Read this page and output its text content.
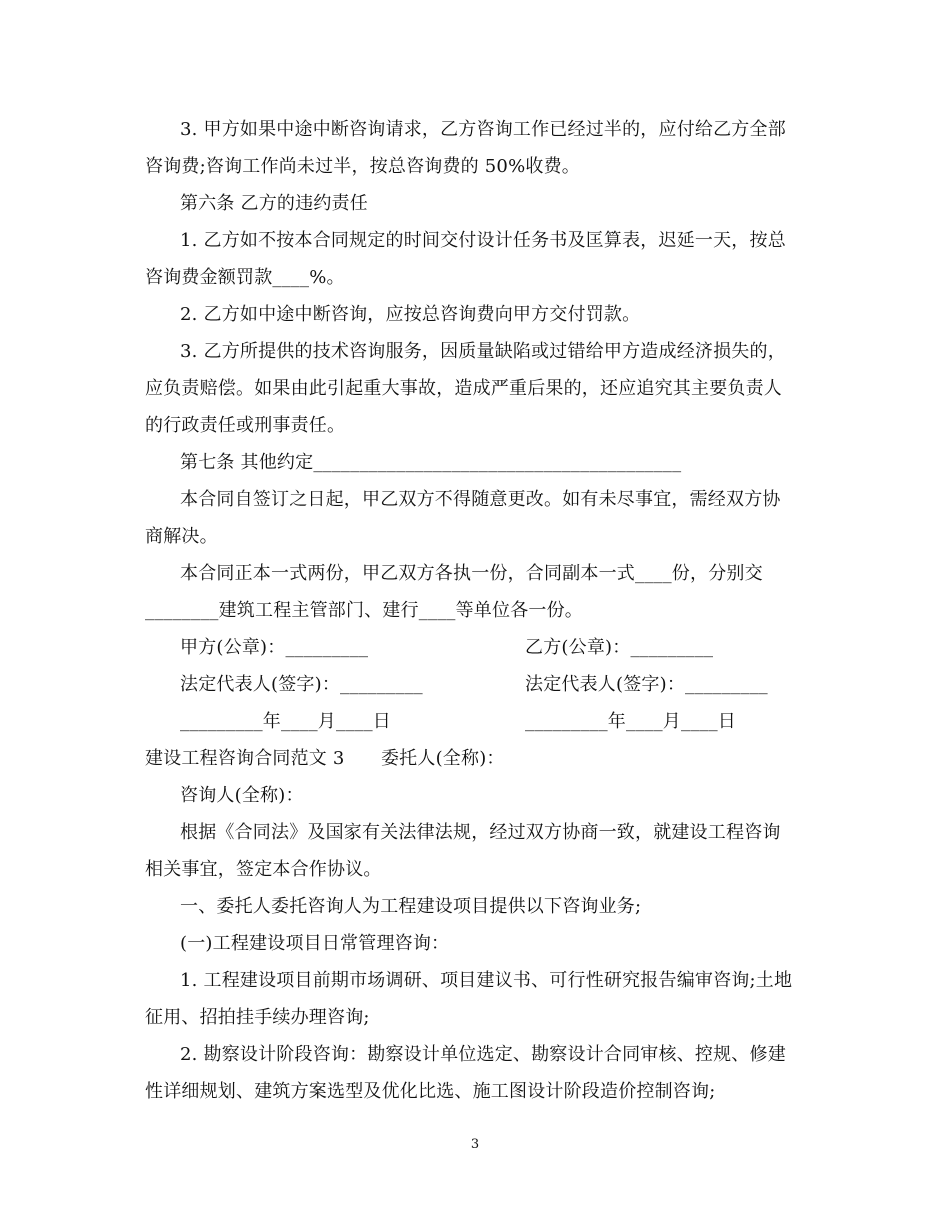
3. 甲方如果中途中断咨询请求，乙方咨询工作已经过半的，应付给乙方全部
咨询费;咨询工作尚未过半，按总咨询费的 50%收费。
第六条 乙方的违约责任
1. 乙方如不按本合同规定的时间交付设计任务书及匡算表，迟延一天，按总
咨询费金额罚款____%。
2. 乙方如中途中断咨询，应按总咨询费向甲方交付罚款。
3. 乙方所提供的技术咨询服务，因质量缺陷或过错给甲方造成经济损失的，
应负责赔偿。如果由此引起重大事故，造成严重后果的，还应追究其主要负责人
的行政责任或刑事责任。
第七条 其他约定________________________________________
本合同自签订之日起，甲乙双方不得随意更改。如有未尽事宜，需经双方协
商解决。
本合同正本一式两份，甲乙双方各执一份，合同副本一式____份，分别交
________建筑工程主管部门、建行____等单位各一份。
甲方(公章)：_________	乙方(公章)：_________
法定代表人(签字)：_________	法定代表人(签字)：_________
_________年____月____日	_________年____月____日
建设工程咨询合同范文 3　　委托人(全称)：
咨询人(全称)：
根据《合同法》及国家有关法律法规，经过双方协商一致，就建设工程咨询
相关事宜，签定本合作协议。
一、委托人委托咨询人为工程建设项目提供以下咨询业务;
(一)工程建设项目日常管理咨询：
1. 工程建设项目前期市场调研、项目建议书、可行性研究报告编审咨询;土地
征用、招拍挂手续办理咨询;
2. 勘察设计阶段咨询：勘察设计单位选定、勘察设计合同审核、控规、修建
性详细规划、建筑方案选型及优化比选、施工图设计阶段造价控制咨询;
3
